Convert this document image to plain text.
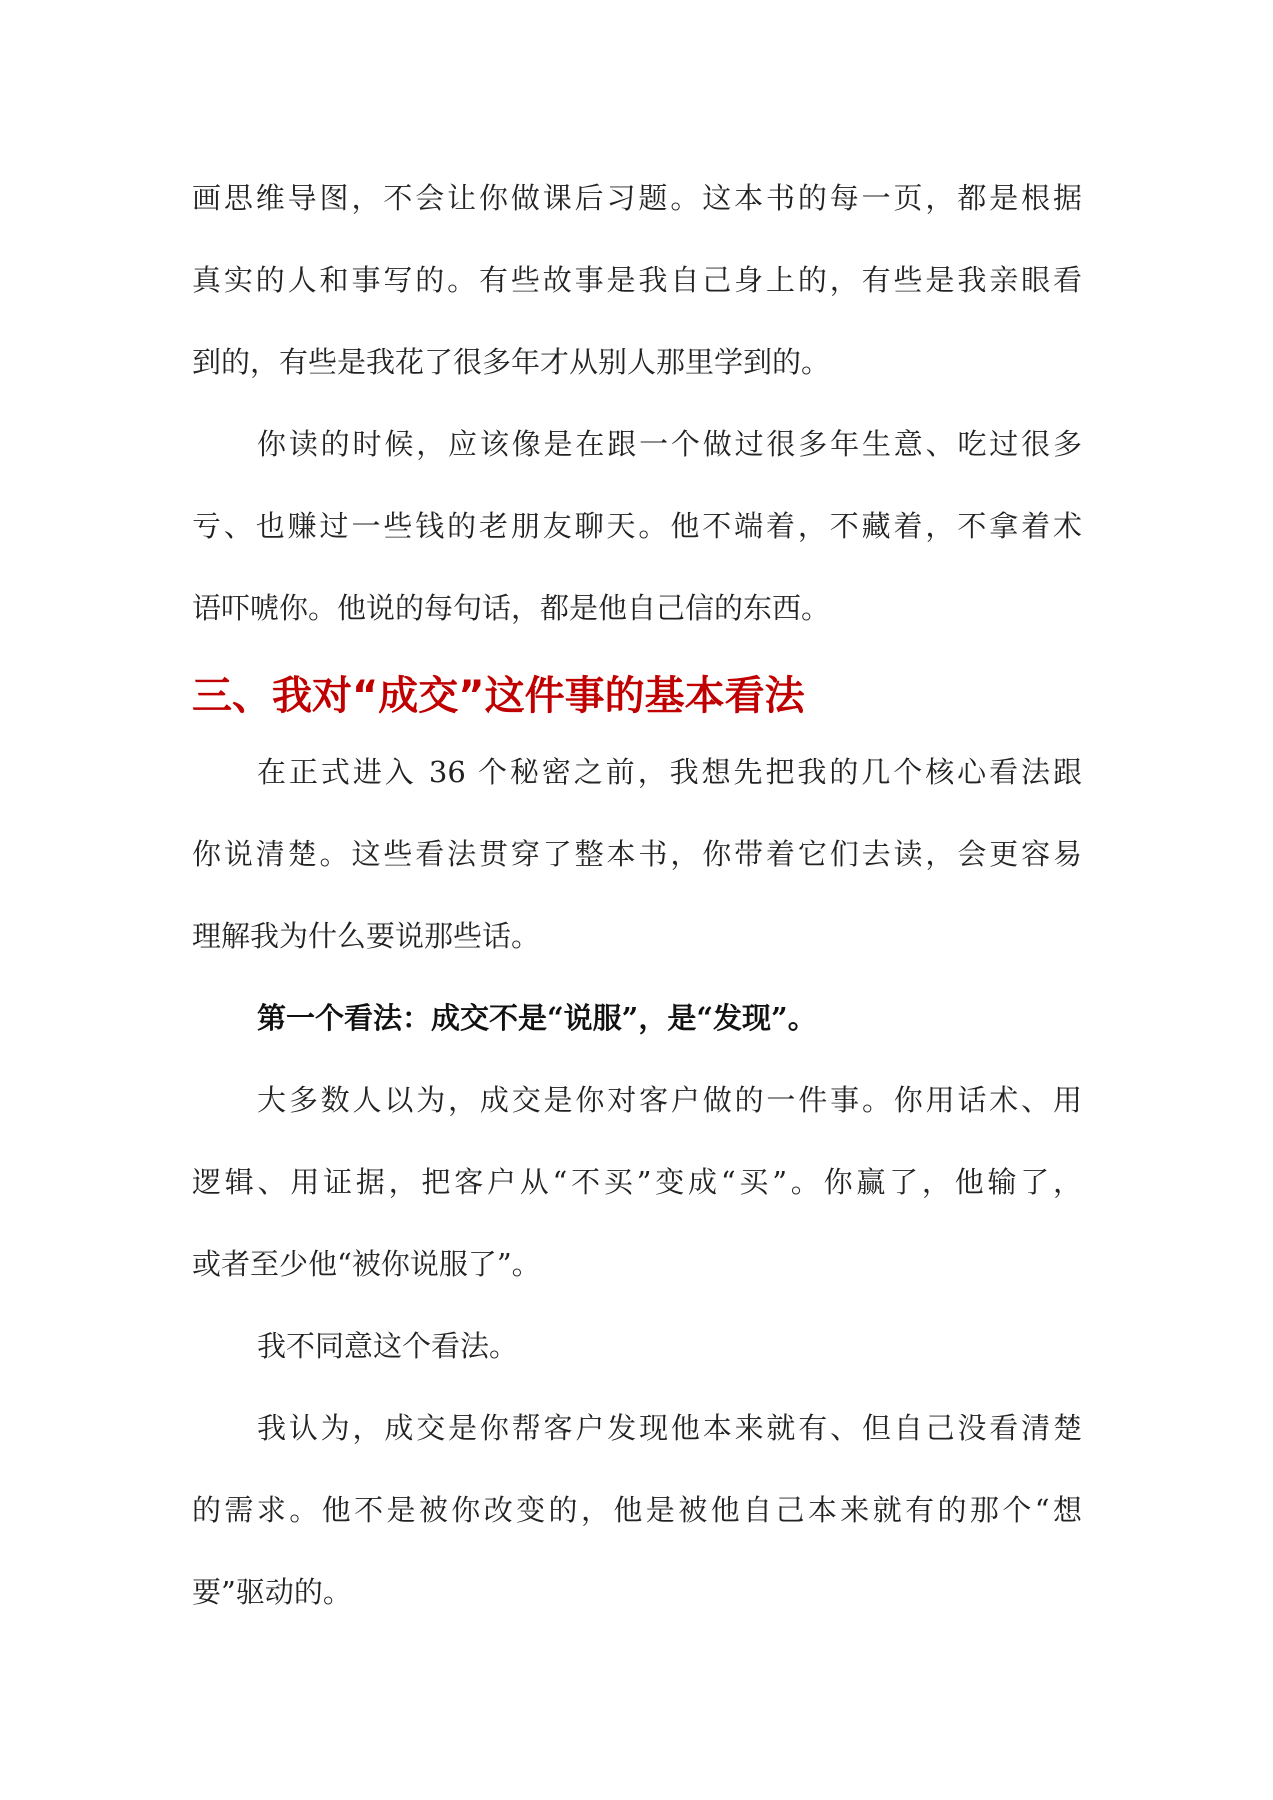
画思维导图，不会让你做课后习题。这本书的每一页，都是根据
真实的人和事写的。有些故事是我自己身上的，有些是我亲眼看
到的，有些是我花了很多年才从别人那里学到的。
你读的时候，应该像是在跟一个做过很多年生意、吃过很多
亏、也赚过一些钱的老朋友聊天。他不端着，不藏着，不拿着术
语吓唬你。他说的每句话，都是他自己信的东西。
三、我对“成交”这件事的基本看法
在正式进入 36 个秘密之前，我想先把我的几个核心看法跟
你说清楚。这些看法贯穿了整本书，你带着它们去读，会更容易
理解我为什么要说那些话。
第一个看法：成交不是“说服”，是“发现”。
大多数人以为，成交是你对客户做的一件事。你用话术、用
逻辑、用证据，把客户从“不买”变成“买”。你赢了，他输了，
或者至少他“被你说服了”。
我不同意这个看法。
我认为，成交是你帮客户发现他本来就有、但自己没看清楚
的需求。他不是被你改变的，他是被他自己本来就有的那个“想
要”驱动的。
